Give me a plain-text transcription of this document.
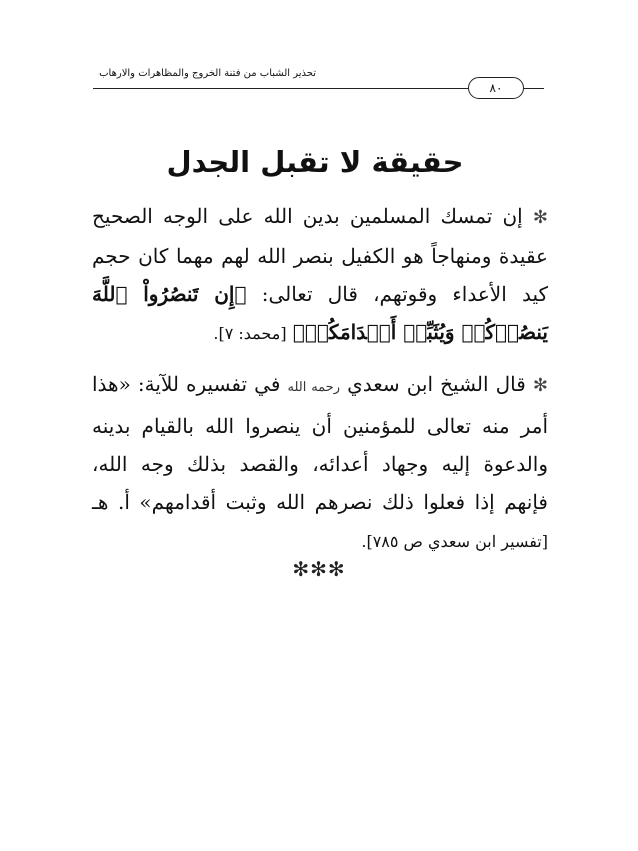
تحذير الشباب من فتنة الخروج والمظاهرات والارهاب
٨٠
حقيقة لا تقبل الجدل
✻ إن تمسك المسلمين بدين الله على الوجه الصحيح عقيدة ومنهاجاً هو الكفيل بنصر الله لهم مهما كان حجم كيد الأعداء وقوتهم، قال تعالى: ﴿إِن تَنصُرُواْ ٱللَّهَ يَنصُرۡكُمۡ وَيُثَبِّتۡ أَقۡدَامَكُمۡ﴾ [محمد: ٧].
✻ قال الشيخ ابن سعدي رحمه الله في تفسيره للآية: «هذا أمر منه تعالى للمؤمنين أن ينصروا الله بالقيام بدينه والدعوة إليه وجهاد أعدائه، والقصد بذلك وجه الله، فإنهم إذا فعلوا ذلك نصرهم الله وثبت أقدامهم» أ. هـ [تفسير ابن سعدي ص ٧٨٥].
✻✻✻
